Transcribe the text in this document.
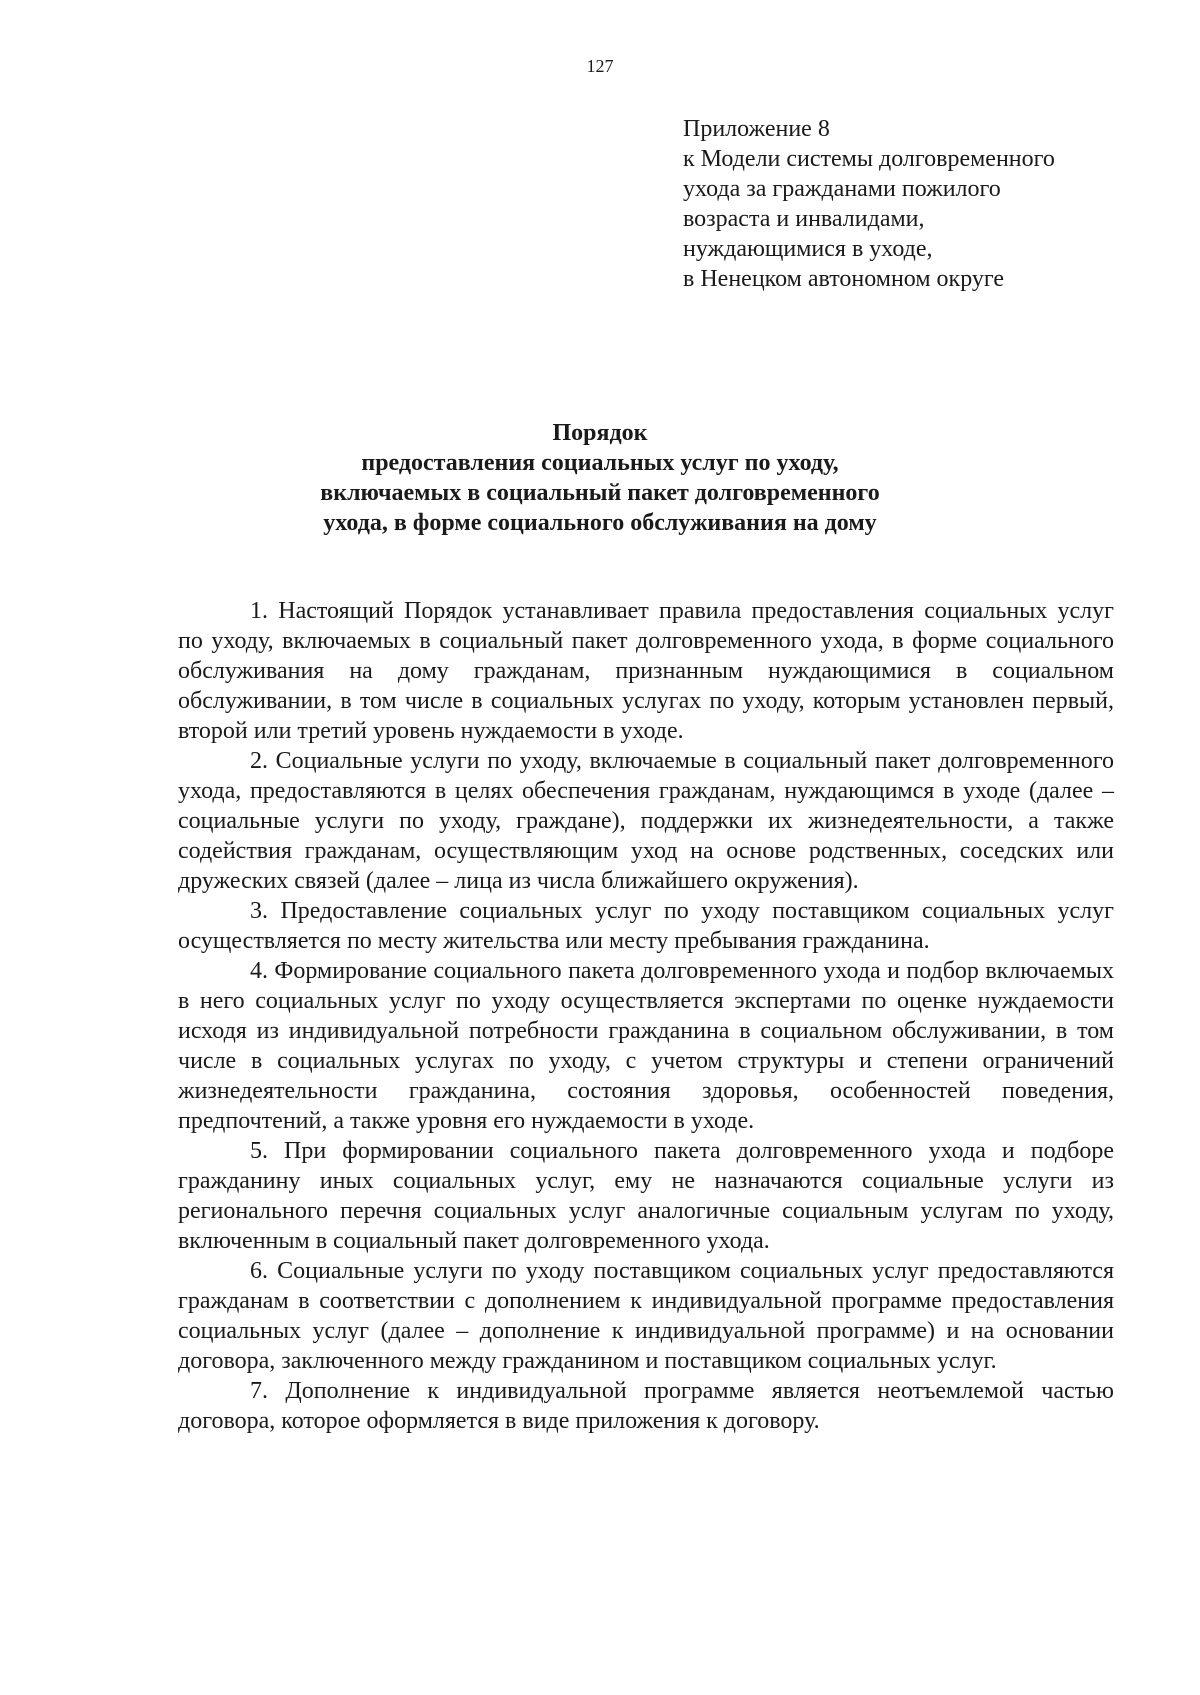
127
Приложение 8
к Модели системы долговременного
ухода за гражданами пожилого
возраста и инвалидами,
нуждающимися в уходе,
в Ненецком автономном округе
Порядок
предоставления социальных услуг по уходу,
включаемых в социальный пакет долговременного
ухода, в форме социального обслуживания на дому

1. Настоящий Порядок устанавливает правила предоставления социальных услуг по уходу, включаемых в социальный пакет долговременного ухода, в форме социального обслуживания на дому гражданам, признанным нуждающимися в социальном обслуживании, в том числе в социальных услугах по уходу, которым установлен первый, второй или третий уровень нуждаемости в уходе.

2. Социальные услуги по уходу, включаемые в социальный пакет долговременного ухода, предоставляются в целях обеспечения гражданам, нуждающимся в уходе (далее – социальные услуги по уходу, граждане), поддержки их жизнедеятельности, а также содействия гражданам, осуществляющим уход на основе родственных, соседских или дружеских связей (далее – лица из числа ближайшего окружения).

3. Предоставление социальных услуг по уходу поставщиком социальных услуг осуществляется по месту жительства или месту пребывания гражданина.

4. Формирование социального пакета долговременного ухода и подбор включаемых в него социальных услуг по уходу осуществляется экспертами по оценке нуждаемости исходя из индивидуальной потребности гражданина в социальном обслуживании, в том числе в социальных услугах по уходу, с учетом структуры и степени ограничений жизнедеятельности гражданина, состояния здоровья, особенностей поведения, предпочтений, а также уровня его нуждаемости в уходе.

5. При формировании социального пакета долговременного ухода и подборе гражданину иных социальных услуг, ему не назначаются социальные услуги из регионального перечня социальных услуг аналогичные социальным услугам по уходу, включенным в социальный пакет долговременного ухода.

6. Социальные услуги по уходу поставщиком социальных услуг предоставляются гражданам в соответствии с дополнением к индивидуальной программе предоставления социальных услуг (далее – дополнение к индивидуальной программе) и на основании договора, заключенного между гражданином и поставщиком социальных услуг.

7. Дополнение к индивидуальной программе является неотъемлемой частью договора, которое оформляется в виде приложения к договору.
